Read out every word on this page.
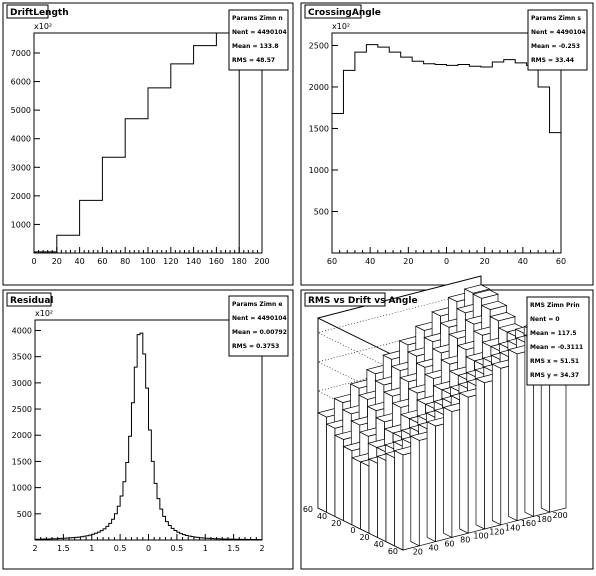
0 20 40 60 80 100 120 140 160 180 200
1000
2000
3000
4000
5000
6000
7000
DriftLength
x10²
Рarams Zimn n
Nent = 4490104
Mean = 133.8
RMS = 48.57
60	40	20	0	20	40	60
500
1000
1500
2000
2500
CrossingAngle
x10²
Рarams Zimn s
Nent = 4490104
Mean = -0.253
RMS = 33.44
2 1.5 1 0.5 0 0.5 1 1.5 2
500
1000
1500
2000
2500
3000
3500
4000
Residual
x10²
Рarams Zimn e
Nent = 4490104
Mean = 0.00792
RMS = 0.3753
20 40 60 80 100 120 140 160 180 200
60
40
20
0
20
40
60
RMS vs Drift vs Angle	RMS Zimn Prin
Nent = 0
Mean = 117.5
Mean = -0.3111
RMS x = 51.51
RMS y = 34.37
